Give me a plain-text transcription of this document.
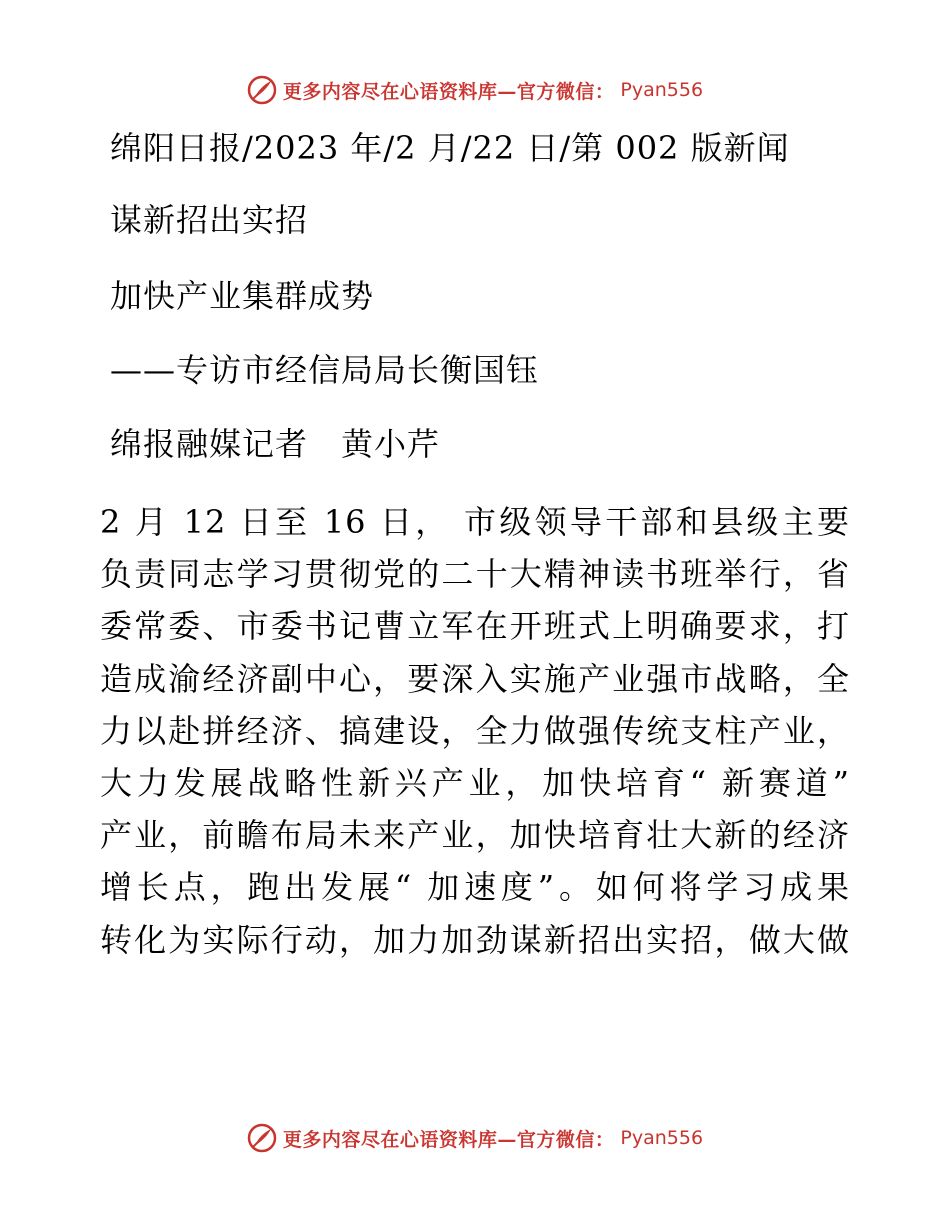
更多内容尽在心语资料库—官方微信： Pyan556
绵阳日报/2023 年/2 月/22 日/第 002 版新闻
谋新招出实招
加快产业集群成势
——专访市经信局局长衡国钰
绵报融媒记者　黄小芹
2 月 12 日至 16 日， 市级领导干部和县级主要
负责同志学习贯彻党的二十大精神读书班举行，省
委常委、市委书记曹立军在开班式上明确要求，打
造成渝经济副中心，要深入实施产业强市战略，全
力以赴拼经济、搞建设，全力做强传统支柱产业，
大力发展战略性新兴产业，加快培育“ 新赛道”
产业，前瞻布局未来产业，加快培育壮大新的经济
增长点，跑出发展“ 加速度”。如何将学习成果
转化为实际行动，加力加劲谋新招出实招，做大做
更多内容尽在心语资料库—官方微信： Pyan556
